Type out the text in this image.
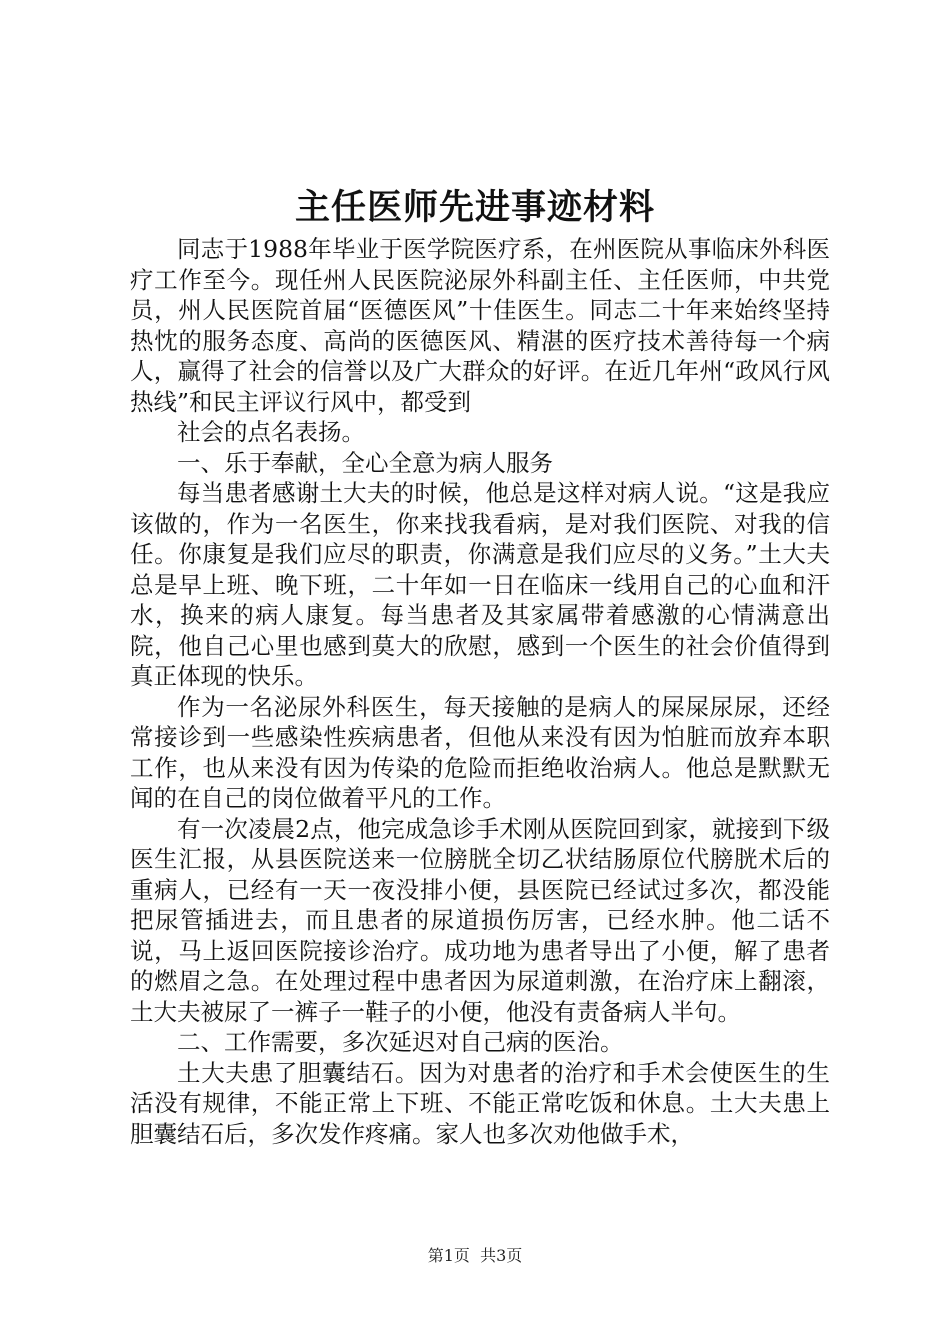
主任医师先进事迹材料

同志于1988年毕业于医学院医疗系，在州医院从事临床外科医疗工作至今。现任州人民医院泌尿外科副主任、主任医师，中共党员，州人民医院首届“医德医风”十佳医生。同志二十年来始终坚持热忱的服务态度、高尚的医德医风、精湛的医疗技术善待每一个病人，赢得了社会的信誉以及广大群众的好评。在近几年州“政风行风热线”和民主评议行风中，都受到

社会的点名表扬。

一、乐于奉献，全心全意为病人服务

每当患者感谢土大夫的时候，他总是这样对病人说。“这是我应该做的，作为一名医生，你来找我看病，是对我们医院、对我的信任。你康复是我们应尽的职责，你满意是我们应尽的义务。”土大夫总是早上班、晚下班，二十年如一日在临床一线用自己的心血和汗水，换来的病人康复。每当患者及其家属带着感激的心情满意出院，他自己心里也感到莫大的欣慰，感到一个医生的社会价值得到真正体现的快乐。

作为一名泌尿外科医生，每天接触的是病人的屎屎尿尿，还经常接诊到一些感染性疾病患者，但他从来没有因为怕脏而放弃本职工作，也从来没有因为传染的危险而拒绝收治病人。他总是默默无闻的在自己的岗位做着平凡的工作。

有一次凌晨2点，他完成急诊手术刚从医院回到家，就接到下级医生汇报，从县医院送来一位膀胱全切乙状结肠原位代膀胱术后的重病人，已经有一天一夜没排小便，县医院已经试过多次，都没能把尿管插进去，而且患者的尿道损伤厉害，已经水肿。他二话不说，马上返回医院接诊治疗。成功地为患者导出了小便，解了患者的燃眉之急。在处理过程中患者因为尿道刺激，在治疗床上翻滚，土大夫被尿了一裤子一鞋子的小便，他没有责备病人半句。

二、工作需要，多次延迟对自己病的医治。

土大夫患了胆囊结石。因为对患者的治疗和手术会使医生的生活没有规律，不能正常上下班、不能正常吃饭和休息。土大夫患上胆囊结石后，多次发作疼痛。家人也多次劝他做手术，

第1页 共3页
